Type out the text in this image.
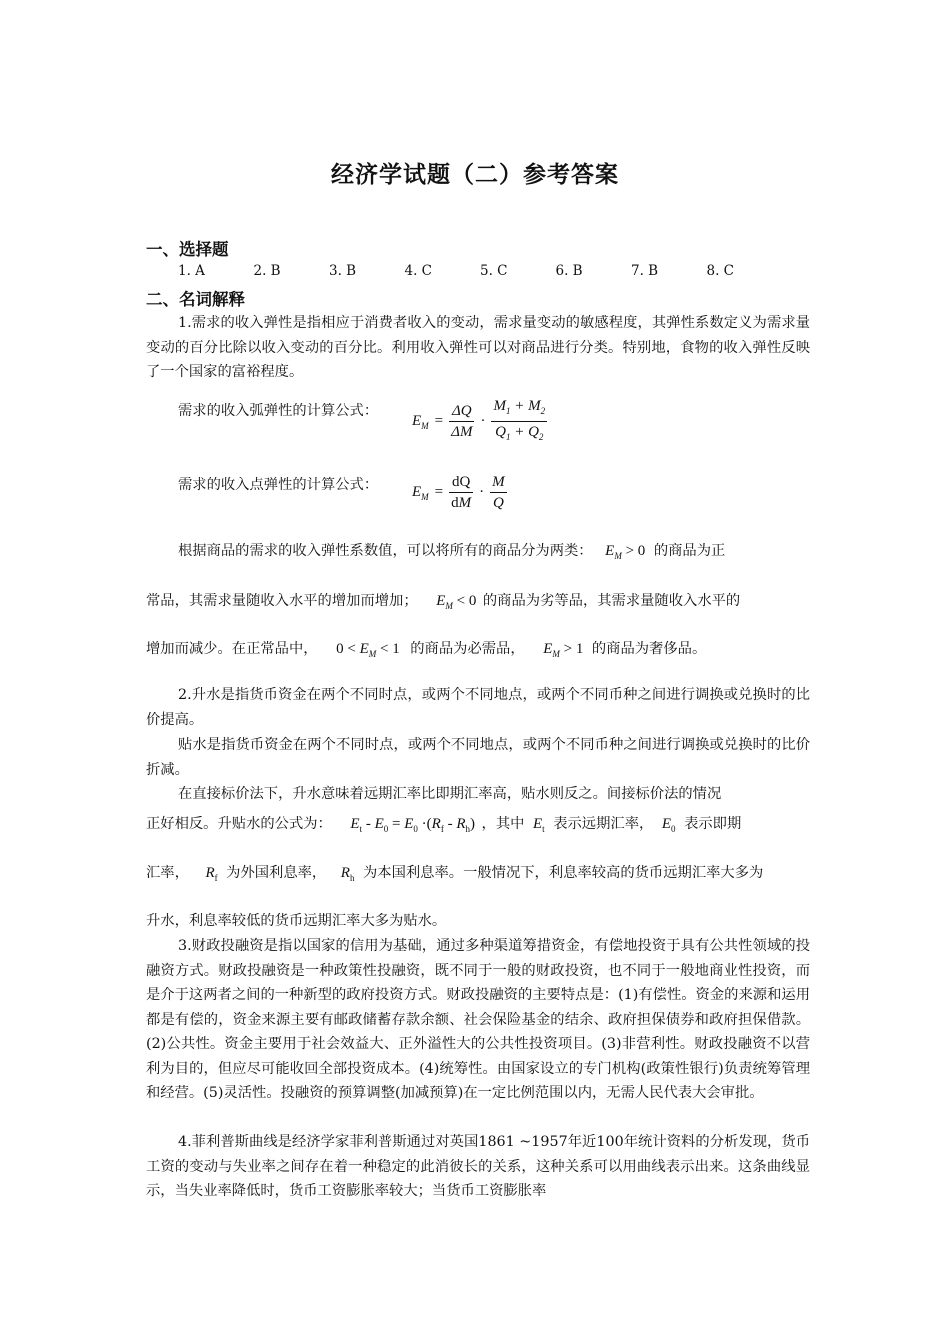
经济学试题（二）参考答案
一、选择题
1. A	2. B	3. B	4. C	5. C	6. B	7. B	8. C
二、名词解释
1.需求的收入弹性是指相应于消费者收入的变动，需求量变动的敏感程度，其弹性系数定义为需求量变动的百分比除以收入变动的百分比。利用收入弹性可以对商品进行分类。特别地，食物的收入弹性反映了一个国家的富裕程度。
需求的收入弧弹性的计算公式：
$E_M = \frac{\Delta Q}{\Delta M} \cdot \frac{M_1 + M_2}{Q_1 + Q_2}$
需求的收入点弹性的计算公式： $E_M = \frac{dQ}{dM} \cdot \frac{M}{Q}$
根据商品的需求的收入弹性系数值，可以将所有的商品分为两类： $E_M > 0$ 的商品为正
常品，其需求量随收入水平的增加而增加； $E_M < 0$ 的商品为劣等品，其需求量随收入水平的
增加而减少。在正常品中， $0 < E_M < 1$ 的商品为必需品， $E_M > 1$ 的商品为奢侈品。
2.升水是指货币资金在两个不同时点，或两个不同地点，或两个不同币种之间进行调换或兑换时的比价提高。
贴水是指货币资金在两个不同时点，或两个不同地点，或两个不同币种之间进行调换或兑换时的比价折减。
在直接标价法下，升水意味着远期汇率比即期汇率高，贴水则反之。间接标价法的情况
正好相反。升贴水的公式为： $E_t - E_0 = E_0 \cdot(R_f - R_h)$ ，其中 $E_t$ 表示远期汇率， $E_0$ 表示即期
汇率， $R_f$ 为外国利息率， $R_h$ 为本国利息率。一般情况下，利息率较高的货币远期汇率大多为
升水，利息率较低的货币远期汇率大多为贴水。
3.财政投融资是指以国家的信用为基础，通过多种渠道筹措资金，有偿地投资于具有公共性领域的投融资方式。财政投融资是一种政策性投融资，既不同于一般的财政投资，也不同于一般地商业性投资，而是介于这两者之间的一种新型的政府投资方式。财政投融资的主要特点是：(1)有偿性。资金的来源和运用都是有偿的，资金来源主要有邮政储蓄存款余额、社会保险基金的结余、政府担保债券和政府担保借款。(2)公共性。资金主要用于社会效益大、正外溢性大的公共性投资项目。(3)非营利性。财政投融资不以营利为目的，但应尽可能收回全部投资成本。(4)统筹性。由国家设立的专门机构(政策性银行)负责统筹管理和经营。(5)灵活性。投融资的预算调整(加减预算)在一定比例范围以内，无需人民代表大会审批。
4.菲利普斯曲线是经济学家菲利普斯通过对英国1861 ~1957年近100年统计资料的分析发现，货币工资的变动与失业率之间存在着一种稳定的此消彼长的关系，这种关系可以用曲线表示出来。这条曲线显示，当失业率降低时，货币工资膨胀率较大；当货币工资膨胀率
